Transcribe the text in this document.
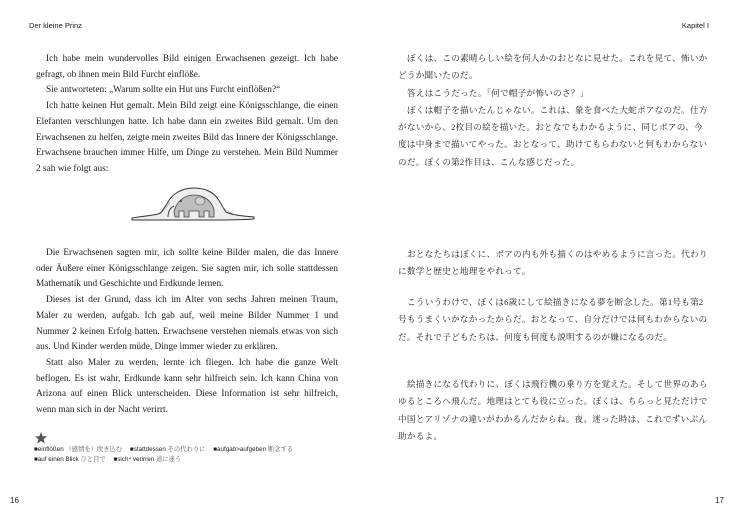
Der kleine Prinz

Ich habe mein wundervolles Bild einigen Erwachsenen gezeigt. Ich habe gefragt, ob ihnen mein Bild Furcht einflöße.

Sie antworteten: „Warum sollte ein Hut uns Furcht einflößen?“

Ich hatte keinen Hut gemalt. Mein Bild zeigt eine Königsschlange, die einen Elefanten verschlungen hatte. Ich habe dann ein zweites Bild gemalt. Um den Erwachsenen zu helfen, zeigte mein zweites Bild das Innere der Königsschlange. Erwachsene brauchen immer Hilfe, um Dinge zu verstehen. Mein Bild Nummer 2 sah wie folgt aus:

Die Erwachsenen sagten mir, ich sollte keine Bilder malen, die das Innere oder Äußere einer Königsschlange zeigen. Sie sagten mir, ich solle stattdessen Mathematik und Geschichte und Erdkunde lernen.

Dieses ist der Grund, dass ich im Alter von sechs Jahren meinen Traum, Maler zu werden, aufgab. Ich gab auf, weil meine Bilder Nummer 1 und Nummer 2 keinen Erfolg hatten. Erwachsene verstehen niemals etwas von sich aus. Und Kinder werden müde, Dinge immer wieder zu erklären.

Statt also Maler zu werden, lernte ich fliegen. Ich habe die ganze Welt beflogen. Es ist wahr, Erdkunde kann sehr hilfreich sein. Ich kann China von Arizona auf einen Blick unterscheiden. Diese Information ist sehr hilfreich, wenn man sich in der Nacht verirrt.

■einflößen （感情を）吹き込む ■stattdessen その代わりに ■aufgab>aufgeben 断念する
■auf einen Blick ひと目で ■sich⁴ verirren 道に迷う
16
Kapitel I

ぼくは、この素晴らしい絵を何人かのおとなに見せた。これを見て、怖いかどうか聞いたのだ。

答えはこうだった。「何で帽子が怖いのさ？」

ぼくは帽子を描いたんじゃない。これは、象を食べた大蛇ボアなのだ。仕方がないから、2枚目の絵を描いた。おとなでもわかるように、同じボアの、今度は中身まで描いてやった。おとなって、助けてもらわないと何もわからないのだ。ぼくの第2作目は、こんな感じだった。

おとなたちはぼくに、ボアの内も外も描くのはやめるように言った。代わりに数学と歴史と地理をやれって。

こういうわけで、ぼくは6歳にして絵描きになる夢を断念した。第1号も第2号もうまくいかなかったからだ。おとなって、自分だけでは何もわからないのだ。それで子どもたちは、何度も何度も説明するのが嫌になるのだ。

絵描きになる代わりに、ぼくは飛行機の乗り方を覚えた。そして世界のあらゆるところへ飛んだ。地理はとても役に立った。ぼくは、ちらっと見ただけで中国とアリゾナの違いがわかるんだからね。夜、迷った時は、これでずいぶん助かるよ。

17
